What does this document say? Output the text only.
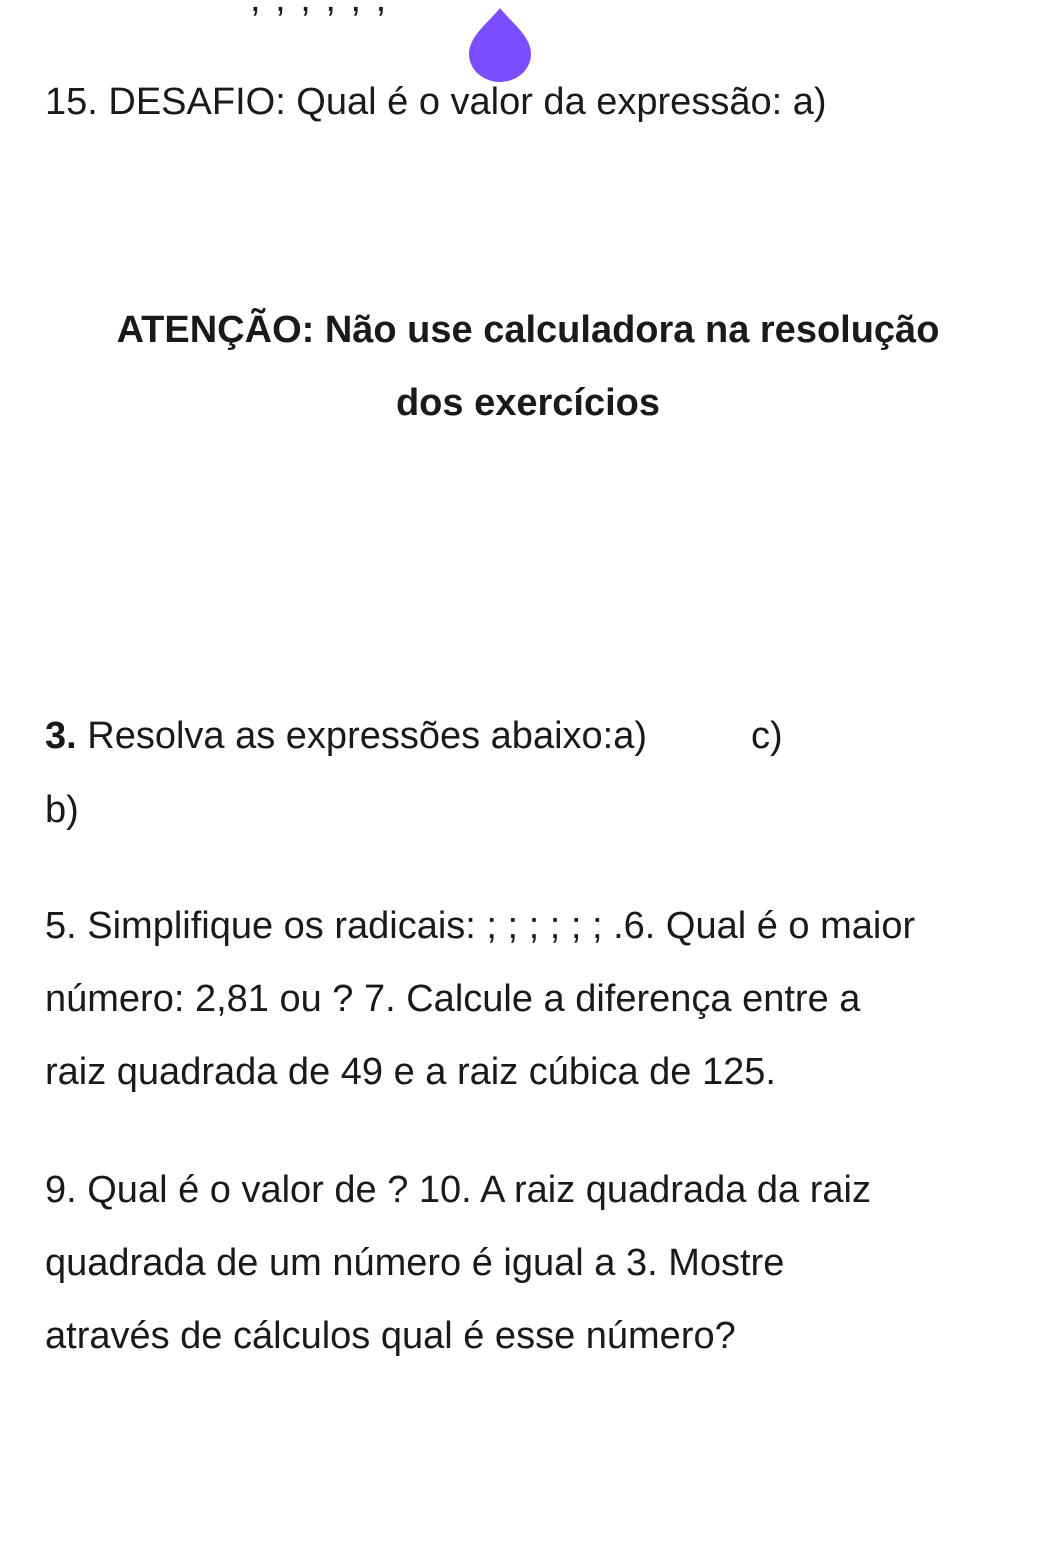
15. DESAFIO: Qual é o valor da expressão: a)
ATENÇÃO: Não use calculadora na resolução
dos exercícios
3. Resolva as expressões abaixo:a)	c)
b)
5. Simplifique os radicais: ; ; ; ; ; ; .6. Qual é o maior
número: 2,81 ou ? 7. Calcule a diferença entre a
raiz quadrada de 49 e a raiz cúbica de 125.
9. Qual é o valor de ? 10. A raiz quadrada da raiz
quadrada de um número é igual a 3. Mostre
através de cálculos qual é esse número?
